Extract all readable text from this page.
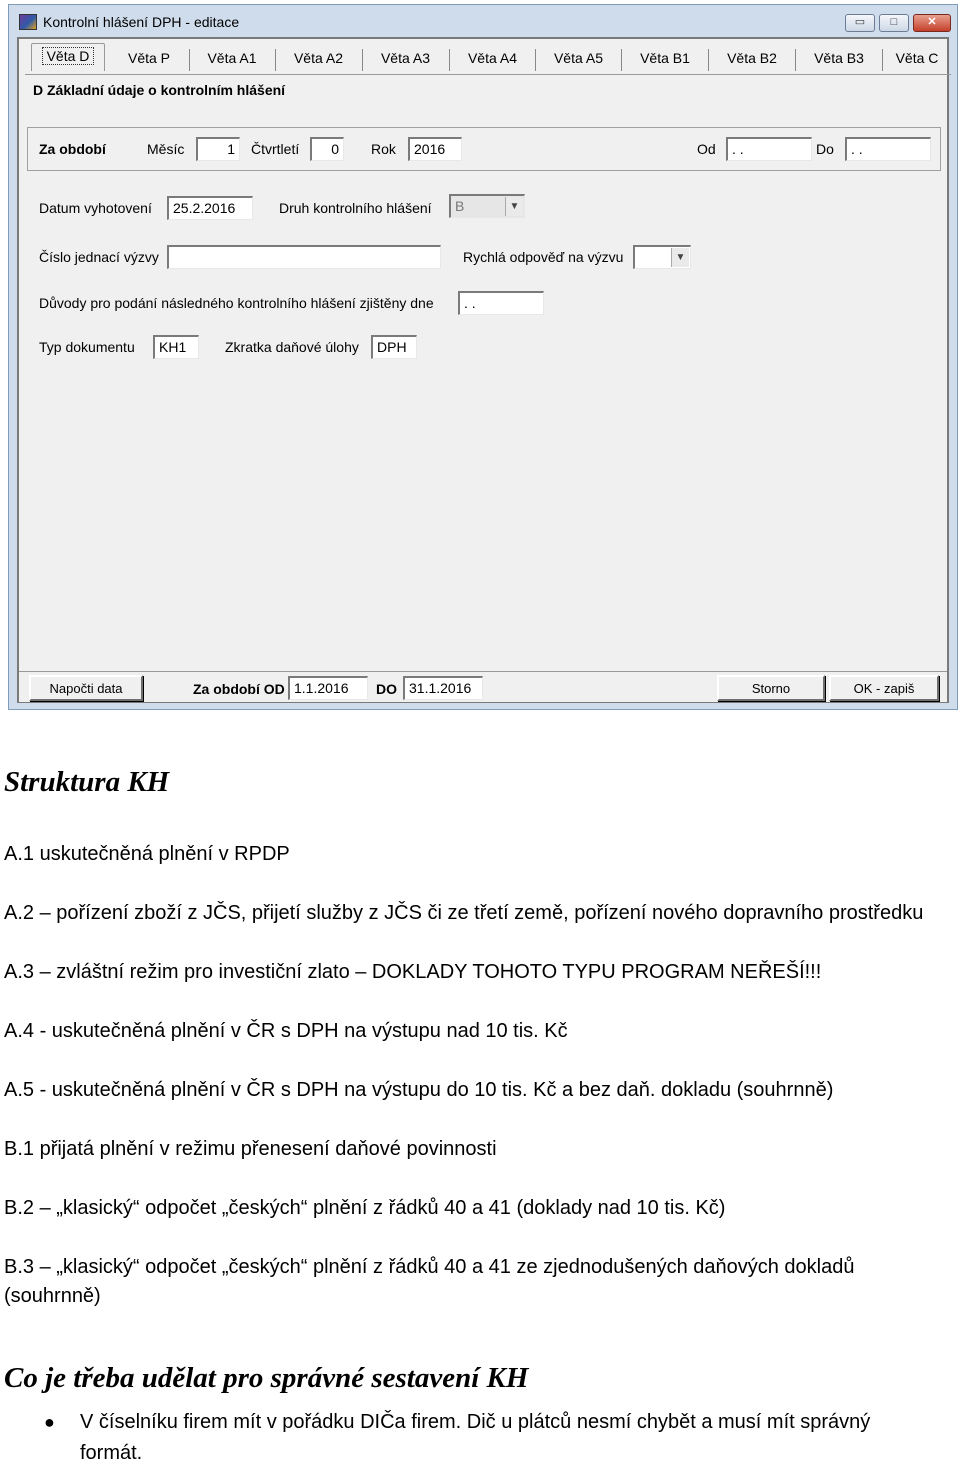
Kontrolní hlášení DPH - editace	▭	□	✕
Věta D	Věta P	Věta A1	Věta A2	Věta A3	Věta A4	Věta A5	Věta B1	Věta B2	Věta B3	Věta C
D Základní údaje o kontrolním hlášení
Za období	Měsíc	1	Čtvrtletí	0	Rok	2016	Od	. .	Do	. .
Datum vyhotovení	25.2.2016	Druh kontrolního hlášení	B	▼
Číslo jednací výzvy	Rychlá odpověď na výzvu	▼
Důvody pro podání následného kontrolního hlášení zjištěny dne	. .
Typ dokumentu	KH1	Zkratka daňové úlohy	DPH
Napočti data	Za období OD 1.1.2016	DO 31.1.2016	Storno	OK - zapiš
Struktura KH

A.1 uskutečněná plnění v RPDP

A.2 – pořízení zboží z JČS, přijetí služby z JČS či ze třetí země, pořízení nového dopravního prostředku

A.3 – zvláštní režim pro investiční zlato – DOKLADY TOHOTO TYPU PROGRAM NEŘEŠÍ!!!

A.4 - uskutečněná plnění v ČR s DPH na výstupu nad 10 tis. Kč

A.5 - uskutečněná plnění v ČR s DPH na výstupu do 10 tis. Kč a bez daň. dokladu (souhrnně)

B.1 přijatá plnění v režimu přenesení daňové povinnosti

B.2 – „klasický“ odpočet „českých“ plnění z řádků 40 a 41 (doklady nad 10 tis. Kč)

B.3 – „klasický“ odpočet „českých“ plnění z řádků 40 a 41 ze zjednodušených daňových dokladů (souhrnně)

Co je třeba udělat pro správné sestavení KH
● V číselníku firem mít v pořádku DIČa firem. Dič u plátců nesmí chybět a musí mít správný formát.
